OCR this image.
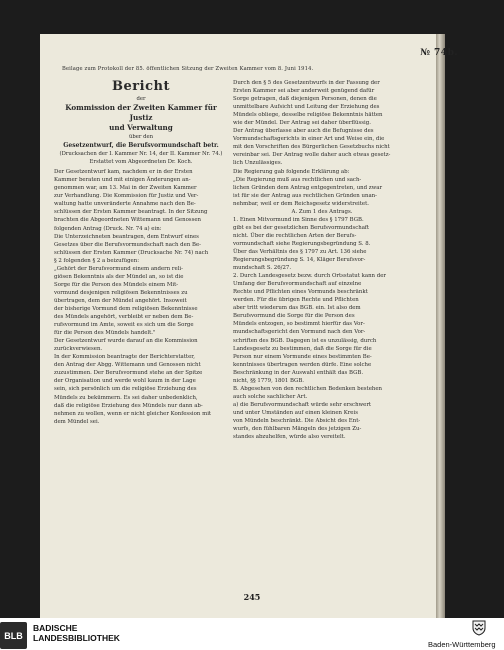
№ 74b.
Beilage zum Protokoll der 85. öffentlichen Sitzung der Zweiten Kammer vom 8. Juni 1914.

Bericht

der

Kommission der Zweiten Kammer für Justiz

und Verwaltung

über den

Gesetzentwurf, die Berufsvormundschaft betr.

(Drucksachen der I. Kammer Nr. 14, der II. Kammer Nr. 74.)

Erstattet vom Abgeordneten Dr. Koch.

Der Gesetzentwurf kam, nachdem er in der Ersten

Kammer beraten und mit einigen Änderungen an-

genommen war, am 13. Mai in der Zweiten Kammer

zur Verhandlung. Die Kommission für Justiz und Ver-

waltung hatte unveränderte Annahme nach den Be-

schlüssen der Ersten Kammer beantragt. In der Sitzung

brachten die Abgeordneten Wittemann und Genossen

folgenden Antrag (Druck. Nr. 74 a) ein:

Die Unterzeichneten beantragen, dem Entwurf eines

Gesetzes über die Berufsvormundschaft nach den Be-

schlüssen der Ersten Kammer (Drucksache Nr. 74) nach

§ 2 folgenden § 2 a beizufügen:

„Gehört der Berufsvormund einem andern reli-

giösen Bekenntnis als der Mündel an, so ist die

Sorge für die Person des Mündels einem Mit-

vormund desjenigen religiösen Bekenntnisses zu

übertragen, dem der Mündel angehört. Insoweit

der bisherige Vormund dem religiösen Bekenntnisse

des Mündels angehört, verbleibt er neben dem Be-

rufsvormund im Amte, soweit es sich um die Sorge

für die Person des Mündels handelt."

Der Gesetzentwurf wurde darauf an die Kommission

zurückverwiesen.

In der Kommission beantragte der Berichterstatter,

den Antrag der Abgg. Wittemann und Genossen nicht

zuzustimmen. Der Berufsvormund stehe an der Spitze

der Organisation und werde wohl kaum in der Lage

sein, sich persönlich um die religiöse Erziehung des

Mündels zu bekümmern. Es sei daher unbedenklich,

daß die religiöse Erziehung des Mündels nur dann ab-

nehmen zu wollen, wenn er nicht gleicher Konfession mit

dem Mündel sei.

Durch den § 5 des Gesetzentwurfs in der Fassung der

Ersten Kammer sei aber anderweit genügend dafür

Sorge getragen, daß diejenigen Personen, denen die

unmittelbare Aufsicht und Leitung der Erziehung des

Mündels obliege, desselbe religiöse Bekenntnis hätten

wie der Mündel. Der Antrag sei daher überflüssig.

Der Antrag überlasse aber auch die Befugnisse des

Vormundschaftsgerichts in einer Art und Weise ein, die

mit den Vorschriften des Bürgerlichen Gesetzbuchs nicht

vereinbar sei. Der Antrag wolle daher auch etwas gesetz-

lich Unzulässiges.

Die Regierung gab folgende Erklärung ab:

„Die Regierung muß aus rechtlichen und sach-

lichen Gründen dem Antrag entgegentreten, und zwar

ist für sie der Antrag aus rechtlichen Gründen unan-

nehmbar, weil er dem Reichsgesetz widerstreitet.

A. Zum 1 des Antrags.

1. Einen Mitvormund im Sinne des § 1797 BGB.

gibt es bei der gesetzlichen Berufsvormundschaft

nicht. Über die rechtlichen Arten der Berufs-

vormundschaft siehe Regierungsbegründung S. 8.

Über das Verhältnis des § 1797 zu Art. 136 siehe

Regierungsbegründung S. 14, Kläger Berufsvor-

mundschaft S. 26/27.

2. Durch Landesgesetz bezw. durch Ortsstatut kann der

Umfang der Berufsvormundschaft auf einzelne

Rechte und Pflichten eines Vormunds beschränkt

werden. Für die übrigen Rechte und Pflichten

aber tritt wiederum das BGB. ein. Ist also dem

Berufsvormund die Sorge für die Person des

Mündels entzogen, so bestimmt hierfür das Vor-

mundschaftsgericht den Vormund nach den Vor-

schriften des BGB. Dagegen ist es unzulässig, durch

Landesgesetz zu bestimmen, daß die Sorge für die

Person nur einem Vormunde eines bestimmten Be-

kenntnisses übertragen werden dürfe. Eine solche

Beschränkung in der Auswahl enthält das BGB.

nicht, §§ 1779, 1801 BGB.

B. Abgesehen von den rechtlichen Bedenken bestehen

auch solche sachlicher Art.

a) die Berufsvormundschaft würde sehr erschwert

und unter Umständen auf einen kleinen Kreis

von Mündeln beschränkt. Die Absicht des Ent-

wurfs, den fühlbaren Mängeln des jetzigen Zu-

standes abzuhelfen, würde also vereitelt.

245
BLB
BADISCHE
LANDESBIBLIOTHEK
Baden-Württemberg
